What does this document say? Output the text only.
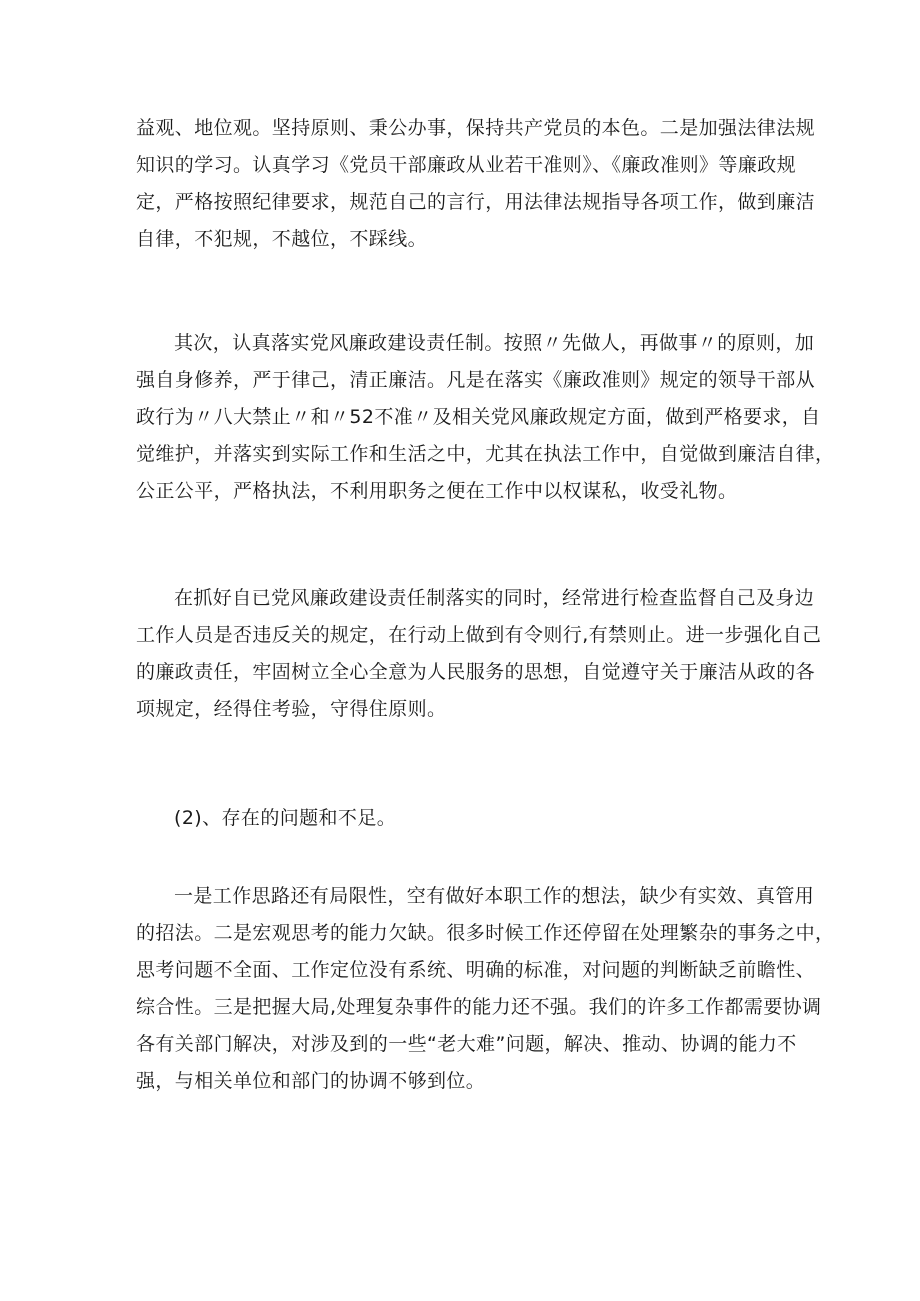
益观、地位观。坚持原则、秉公办事，保持共产党员的本色。二是加强法律法规
知识的学习。认真学习《党员干部廉政从业若干准则》、《廉政准则》等廉政规
定，严格按照纪律要求，规范自己的言行，用法律法规指导各项工作，做到廉洁
自律，不犯规，不越位，不踩线。
其次，认真落实党风廉政建设责任制。按照〃先做人，再做事〃的原则，加
强自身修养，严于律己，清正廉洁。凡是在落实《廉政准则》规定的领导干部从
政行为〃八大禁止〃和〃52不准〃及相关党风廉政规定方面，做到严格要求，自
觉维护，并落实到实际工作和生活之中，尤其在执法工作中，自觉做到廉洁自律，
公正公平，严格执法，不利用职务之便在工作中以权谋私，收受礼物。
在抓好自已党风廉政建设责任制落实的同时，经常进行检查监督自己及身边
工作人员是否违反关的规定，在行动上做到有令则行,有禁则止。进一步强化自己
的廉政责任，牢固树立全心全意为人民服务的思想，自觉遵守关于廉洁从政的各
项规定，经得住考验，守得住原则。
(2)、存在的问题和不足。
一是工作思路还有局限性，空有做好本职工作的想法，缺少有实效、真管用
的招法。二是宏观思考的能力欠缺。很多时候工作还停留在处理繁杂的事务之中，
思考问题不全面、工作定位没有系统、明确的标准，对问题的判断缺乏前瞻性、
综合性。三是把握大局,处理复杂事件的能力还不强。我们的许多工作都需要协调
各有关部门解决，对涉及到的一些“老大难”问题，解决、推动、协调的能力不
强，与相关单位和部门的协调不够到位。
